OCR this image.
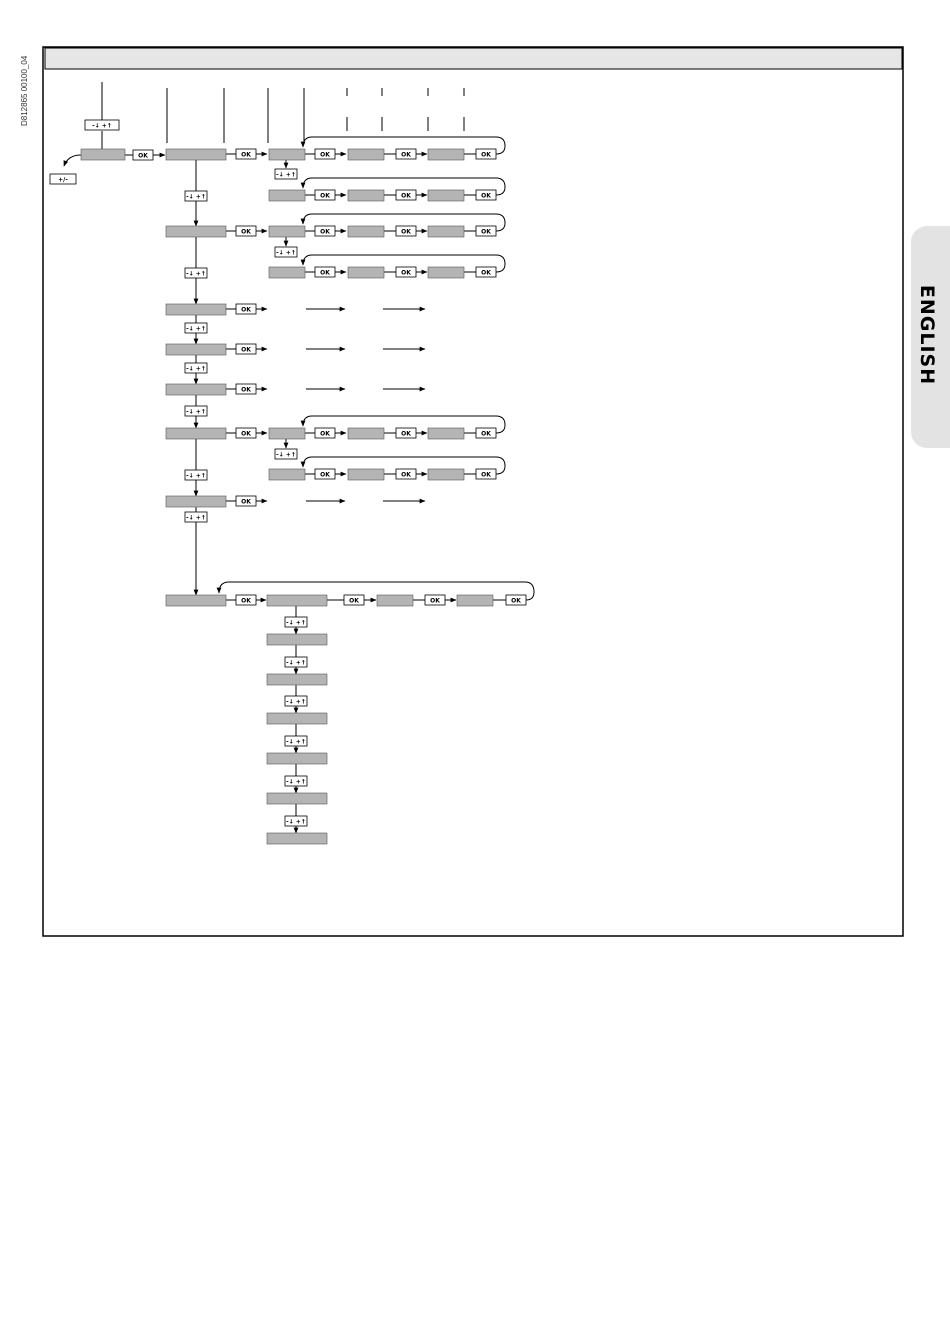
D812865 00100_04
ENGLISH
-↓ +↑
+/-
OK
-↓ +↑
-↓ +↑
-↓ +↑
-↓ +↑
-↓ +↑
-↓ +↑
-↓ +↑
OK	OK	OK	OK
-↓ +↑
OK	OK	OK
OK	OK	OK	OK
-↓ +↑
OK	OK	OK
OK	OK	OK	OK
-↓ +↑
OK	OK	OK
OK
OK
OK
OK
OK	OK	OK	OK
-↓ +↑
-↓ +↑
-↓ +↑
-↓ +↑
-↓ +↑
-↓ +↑
